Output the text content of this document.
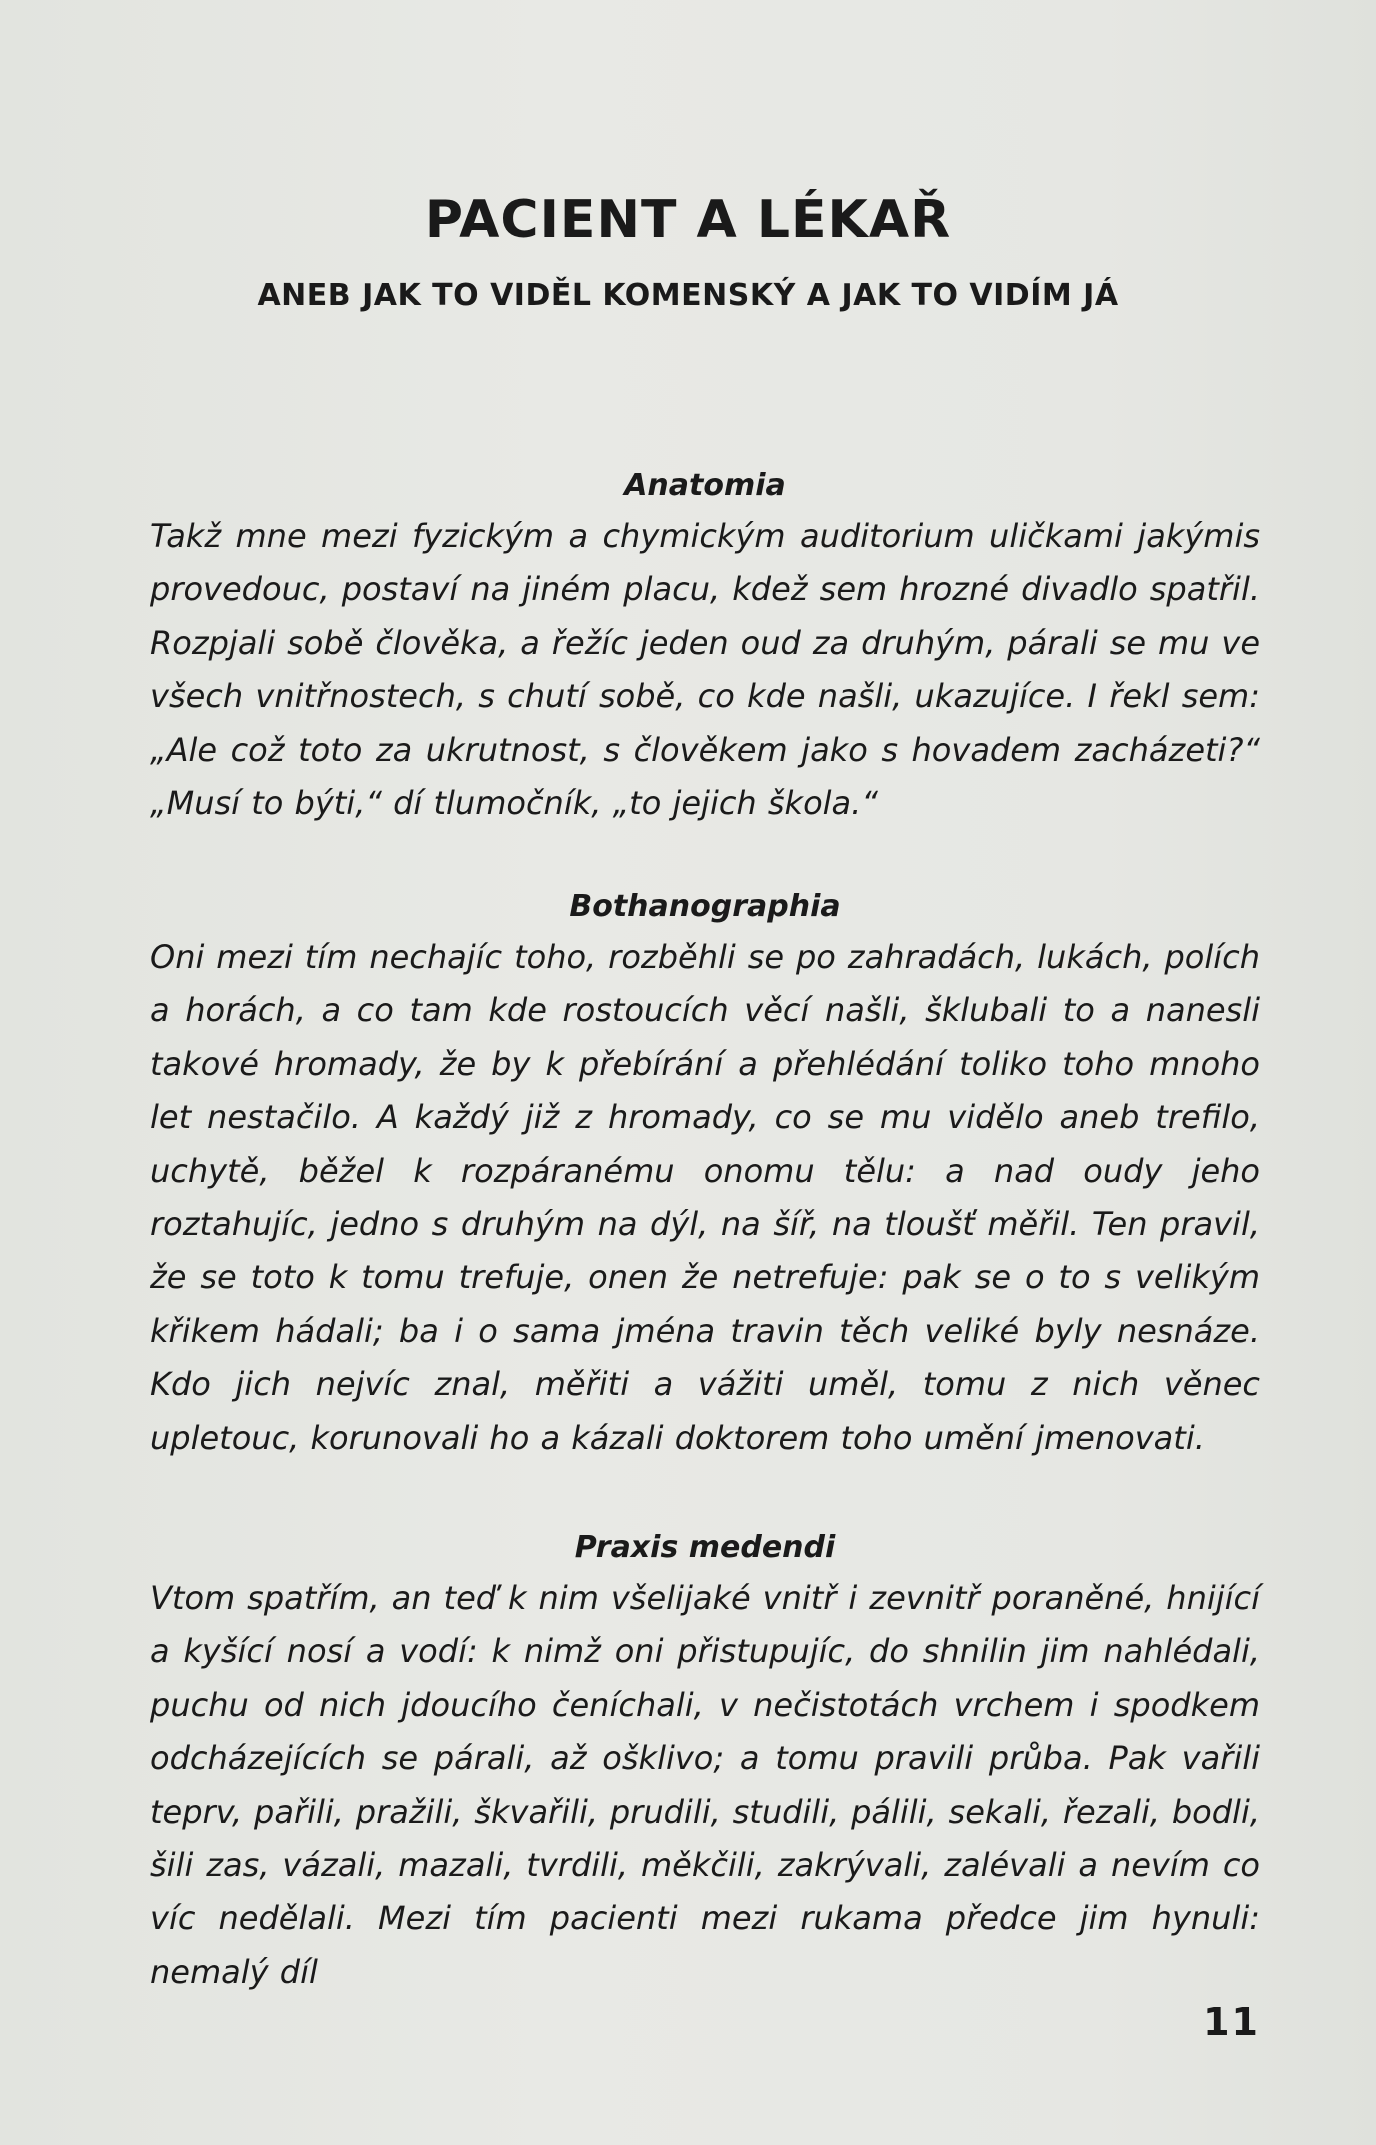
PACIENT A LÉKAŘ
ANEB JAK TO VIDĚL KOMENSKÝ A JAK TO VIDÍM JÁ
Anatomia

Takž mne mezi fyzickým a chymickým auditorium uličkami jakýmis provedouc, postaví na jiném placu, kdež sem hrozné divadlo spatřil. Rozpjali sobě člověka, a řežíc jeden oud za druhým, párali se mu ve všech vnitřnostech, s chutí sobě, co kde našli, ukazujíce. I řekl sem: „Ale což toto za ukrutnost, s člověkem jako s hovadem zacházeti?“ „Musí to býti,“ dí tlumočník, „to jejich škola.“

Bothanographia

Oni mezi tím nechajíc toho, rozběhli se po zahradách, lukách, polích a horách, a co tam kde rostoucích věcí našli, šklubali to a nanesli takové hromady, že by k přebírání a přehlédání toliko toho mnoho let nestačilo. A každý již z hromady, co se mu vidělo aneb trefilo, uchytě, běžel k rozpáranému onomu tělu: a nad oudy jeho roztahujíc, jedno s druhým na dýl, na šíř, na tloušť měřil. Ten pravil, že se toto k tomu trefuje, onen že netrefuje: pak se o to s velikým křikem hádali; ba i o sama jména travin těch veliké byly nesnáze. Kdo jich nejvíc znal, měřiti a vážiti uměl, tomu z nich věnec upletouc, korunovali ho a kázali doktorem toho umění jmenovati.

Praxis medendi

Vtom spatřím, an teď k nim všelijaké vnitř i zevnitř poraněné, hnijící a kyšící nosí a vodí: k nimž oni přistupujíc, do shnilin jim nahlédali, puchu od nich jdoucího čeníchali, v nečistotách vrchem i spodkem odcházejících se párali, až ošklivo; a tomu pravili průba. Pak vařili teprv, pařili, pražili, škvařili, prudili, studili, pálili, sekali, řezali, bodli, šili zas, vázali, mazali, tvrdili, měkčili, zakrývali, zalévali a nevím co víc nedělali. Mezi tím pacienti mezi rukama předce jim hynuli: nemalý díl

11
